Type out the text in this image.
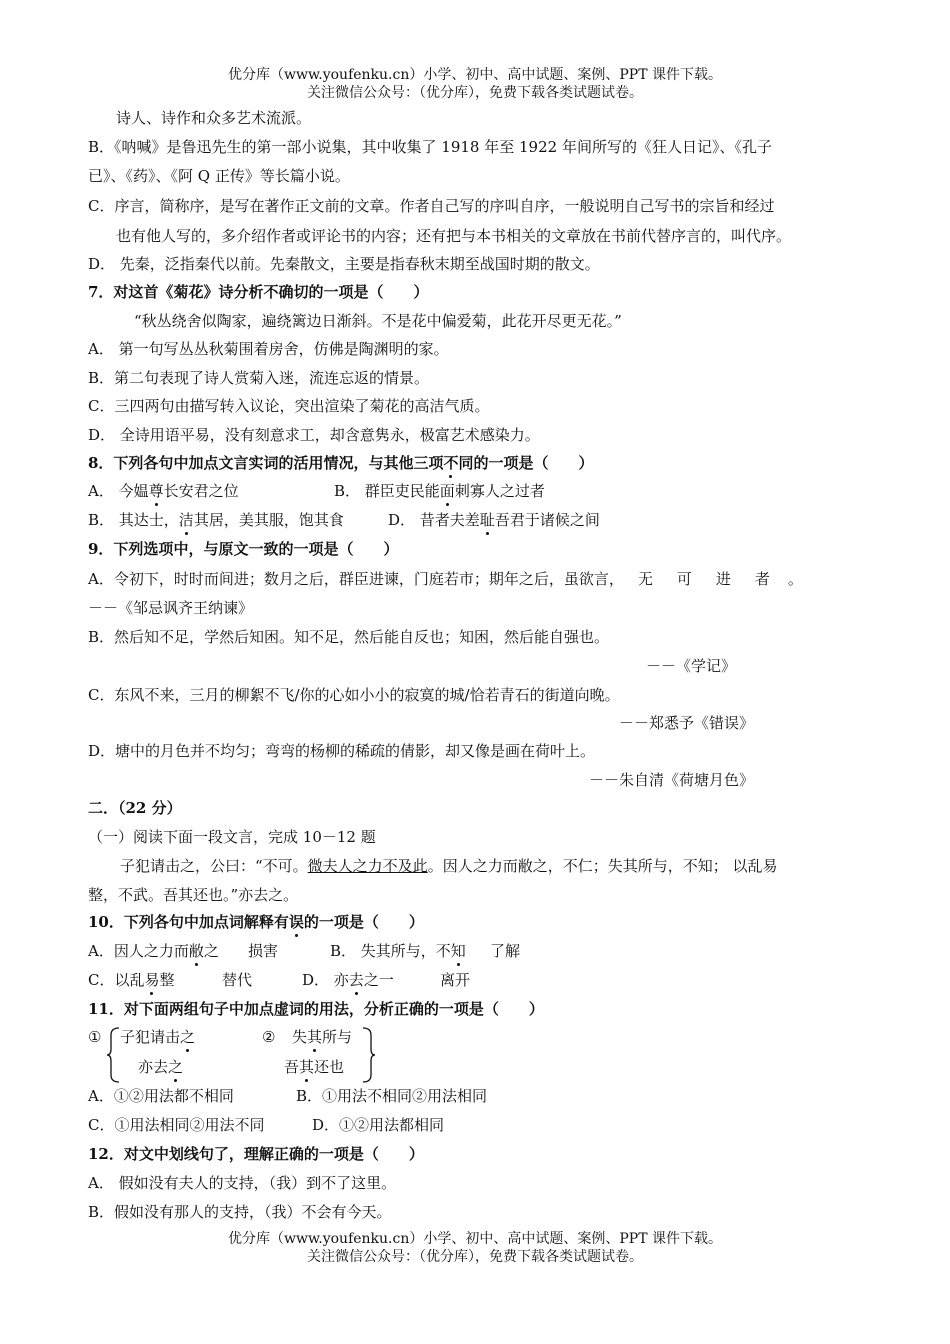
优分库（www.youfenku.cn）小学、初中、高中试题、案例、PPT 课件下载。
关注微信公众号：（优分库），免费下载各类试题试卷。
诗人、诗作和众多艺术流派。
B．《呐喊》是鲁迅先生的第一部小说集，其中收集了 1918 年至 1922 年间所写的《狂人日记》、《孔子
已》、《药》、《阿 Q 正传》等长篇小说。
C．序言，简称序，是写在著作正文前的文章。作者自己写的序叫自序，一般说明自己写书的宗旨和经过
也有他人写的，多介绍作者或评论书的内容；还有把与本书相关的文章放在书前代替序言的，叫代序。
D． 先秦，泛指秦代以前。先秦散文，主要是指春秋末期至战国时期的散文。
7．对这首《菊花》诗分析不确切的一项是（　　）
“秋丛绕舍似陶家，遍绕篱边日渐斜。不是花中偏爱菊，此花开尽更无花。”
A． 第一句写丛丛秋菊围着房舍，仿佛是陶渊明的家。
B．第二句表现了诗人赏菊入迷，流连忘返的情景。
C．三四两句由描写转入议论，突出渲染了菊花的高洁气质。
D． 全诗用语平易，没有刻意求工，却含意隽永，极富艺术感染力。
8．下列各句中加点文言实词的活用情况，与其他三项不同的一项是（　　）
A． 今媪尊长安君之位	B． 群臣吏民能面刺寡人之过者
B． 其达士，洁其居，美其服，饱其食	D． 昔者夫差耻吾君于诸候之间
9．下列选项中，与原文一致的一项是（　　）
A．令初下，时时而间进；数月之后，群臣进谏，门庭若市；期年之后，虽欲言， 无 可 进 者 。
－－《邹忌讽齐王纳谏》
B．然后知不足，学然后知困。知不足，然后能自反也；知困，然后能自强也。
－－《学记》
C．东风不来，三月的柳絮不飞/你的心如小小的寂寞的城/恰若青石的街道向晚。
－－郑悉予《错误》
D．塘中的月色并不均匀；弯弯的杨柳的稀疏的倩影，却又像是画在荷叶上。
－－朱自清《荷塘月色》
二．（22 分）
（一）阅读下面一段文言，完成 10－12 题
子犯请击之，公曰：“不可。微夫人之力不及此。因人之力而敝之，不仁；失其所与，不知； 以乱易
整，不武。吾其还也。”亦去之。
10．下列各句中加点词解释有误的一项是（　　）
A．因人之力而敝之 损害	B． 失其所与，不知 了解
C．以乱易整	替代	D． 亦去之一	离开
11．对下面两组句子中加点虚词的用法，分析正确的一项是（　　）
① 子犯请击之
亦去之
② 失其所与
吾其还也
A．①②用法都不相同	B．①用法不相同②用法相同
C．①用法相同②用法不同	D．①②用法都相同
12．对文中划线句了，理解正确的一项是（　　）
A． 假如没有夫人的支持，（我）到不了这里。
B．假如没有那人的支持，（我）不会有今天。
优分库（www.youfenku.cn）小学、初中、高中试题、案例、PPT 课件下载。
关注微信公众号：（优分库），免费下载各类试题试卷。
